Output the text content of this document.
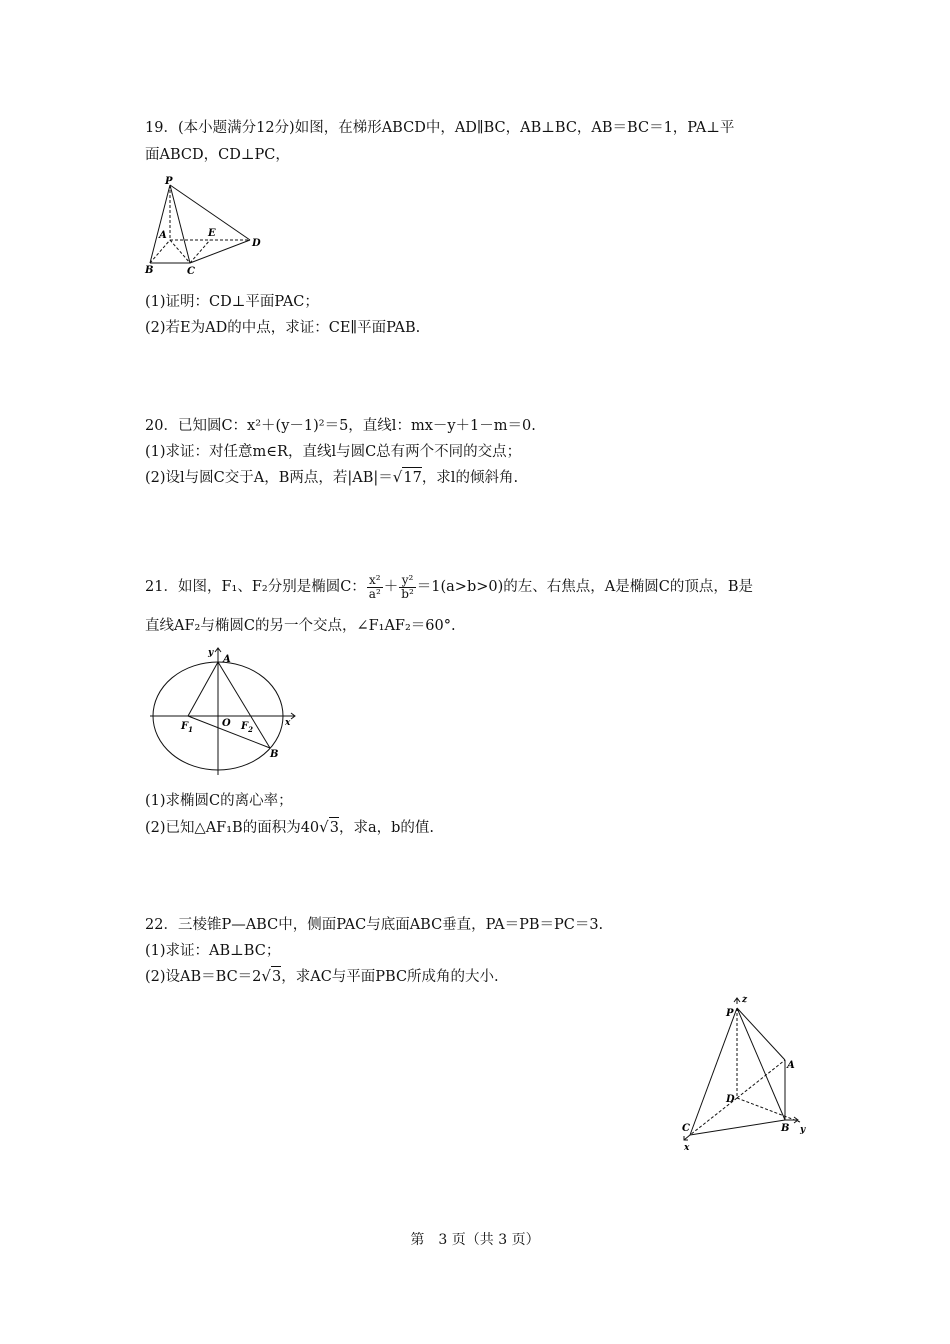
19．(本小题满分12分)如图，在梯形ABCD中，AD∥BC，AB⊥BC，AB＝BC＝1，PA⊥平
面ABCD，CD⊥PC，
P
A	E
D
B	C
(1)证明：CD⊥平面PAC；
(2)若E为AD的中点，求证：CE∥平面PAB.
20．已知圆C：x²＋(y－1)²＝5，直线l：mx－y＋1－m＝0.
(1)求证：对任意m∈R，直线l与圆C总有两个不同的交点；
(2)设l与圆C交于A，B两点，若|AB|＝√17，求l的倾斜角.
21．如图，F₁、F₂分别是椭圆C： $\frac{\text{x²}}{\text{a²}} + \frac{\text{y²}}{\text{b²}} =1(a>b>0)$的左、右焦点，A是椭圆C的顶点，B是
直线AF₂与椭圆C的另一个交点，∠F₁AF₂＝60°.
y
A
$F_1$
O $F_2$
x
B
(1)求椭圆C的离心率；
(2)已知△AF₁B的面积为40√3，求a，b的值.
22．三棱锥P—ABC中，侧面PAC与底面ABC垂直，PA＝PB＝PC＝3.
(1)求证：AB⊥BC；
(2)设AB＝BC＝2√3，求AC与平面PBC所成角的大小.
z
P
A
D
C	B y
x
第　3 页（共 3 页）
